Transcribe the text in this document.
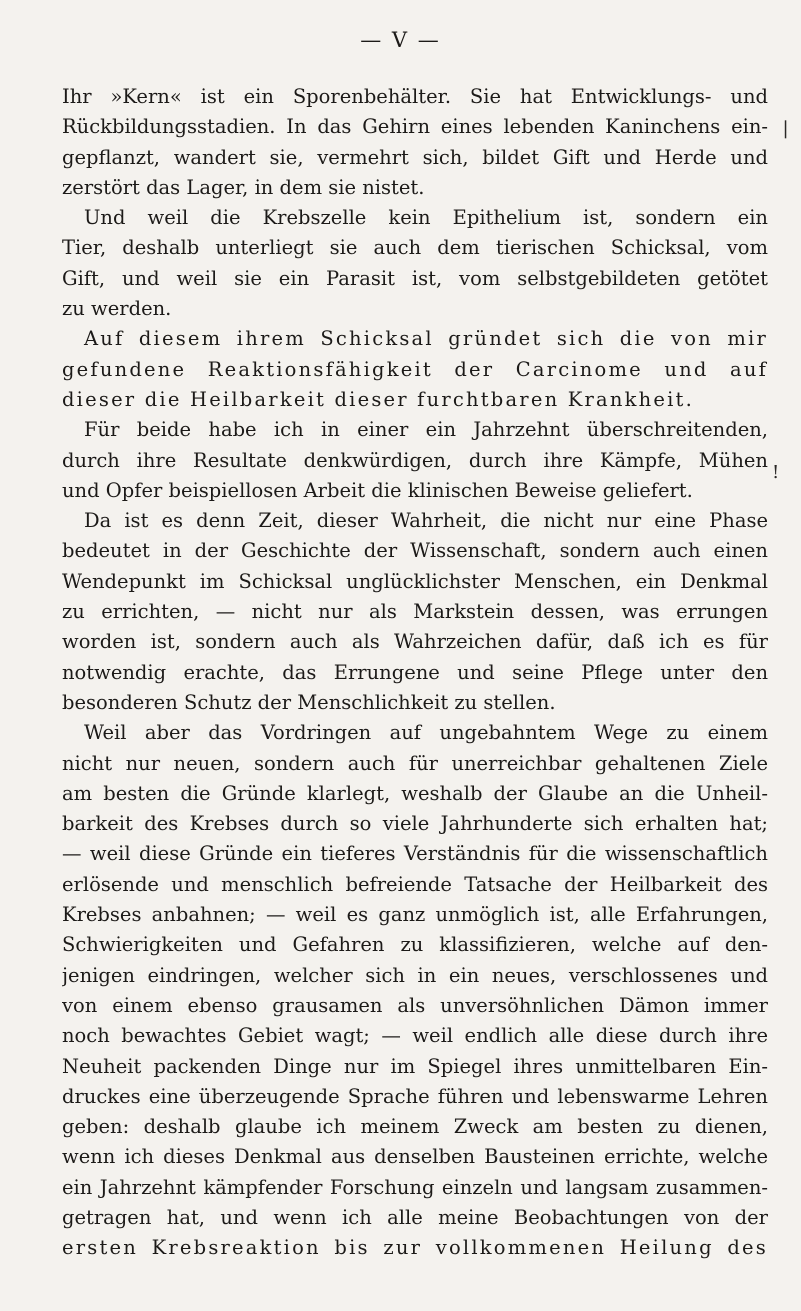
— V —
Ihr »Kern« ist ein Sporenbehälter. Sie hat Entwicklungs- und
Rückbildungsstadien. In das Gehirn eines lebenden Kaninchens ein-
gepflanzt, wandert sie, vermehrt sich, bildet Gift und Herde und
zerstört das Lager, in dem sie nistet.
Und weil die Krebszelle kein Epithelium ist, sondern ein
Tier, deshalb unterliegt sie auch dem tierischen Schicksal, vom
Gift, und weil sie ein Parasit ist, vom selbstgebildeten getötet
zu werden.
Auf diesem ihrem Schicksal gründet sich die von mir
gefundene Reaktionsfähigkeit der Carcinome und auf
dieser die Heilbarkeit dieser furchtbaren Krankheit.
Für beide habe ich in einer ein Jahrzehnt überschreitenden,
durch ihre Resultate denkwürdigen, durch ihre Kämpfe, Mühen
und Opfer beispiellosen Arbeit die klinischen Beweise geliefert.
Da ist es denn Zeit, dieser Wahrheit, die nicht nur eine Phase
bedeutet in der Geschichte der Wissenschaft, sondern auch einen
Wendepunkt im Schicksal unglücklichster Menschen, ein Denkmal
zu errichten, — nicht nur als Markstein dessen, was errungen
worden ist, sondern auch als Wahrzeichen dafür, daß ich es für
notwendig erachte, das Errungene und seine Pflege unter den
besonderen Schutz der Menschlichkeit zu stellen.
Weil aber das Vordringen auf ungebahntem Wege zu einem
nicht nur neuen, sondern auch für unerreichbar gehaltenen Ziele
am besten die Gründe klarlegt, weshalb der Glaube an die Unheil-
barkeit des Krebses durch so viele Jahrhunderte sich erhalten hat;
— weil diese Gründe ein tieferes Verständnis für die wissenschaftlich
erlösende und menschlich befreiende Tatsache der Heilbarkeit des
Krebses anbahnen; — weil es ganz unmöglich ist, alle Erfahrungen,
Schwierigkeiten und Gefahren zu klassifizieren, welche auf den-
jenigen eindringen, welcher sich in ein neues, verschlossenes und
von einem ebenso grausamen als unversöhnlichen Dämon immer
noch bewachtes Gebiet wagt; — weil endlich alle diese durch ihre
Neuheit packenden Dinge nur im Spiegel ihres unmittelbaren Ein-
druckes eine überzeugende Sprache führen und lebenswarme Lehren
geben: deshalb glaube ich meinem Zweck am besten zu dienen,
wenn ich dieses Denkmal aus denselben Bausteinen errichte, welche
ein Jahrzehnt kämpfender Forschung einzeln und langsam zusammen-
getragen hat, und wenn ich alle meine Beobachtungen von der
ersten Krebsreaktion bis zur vollkommenen Heilung des
❘
!
